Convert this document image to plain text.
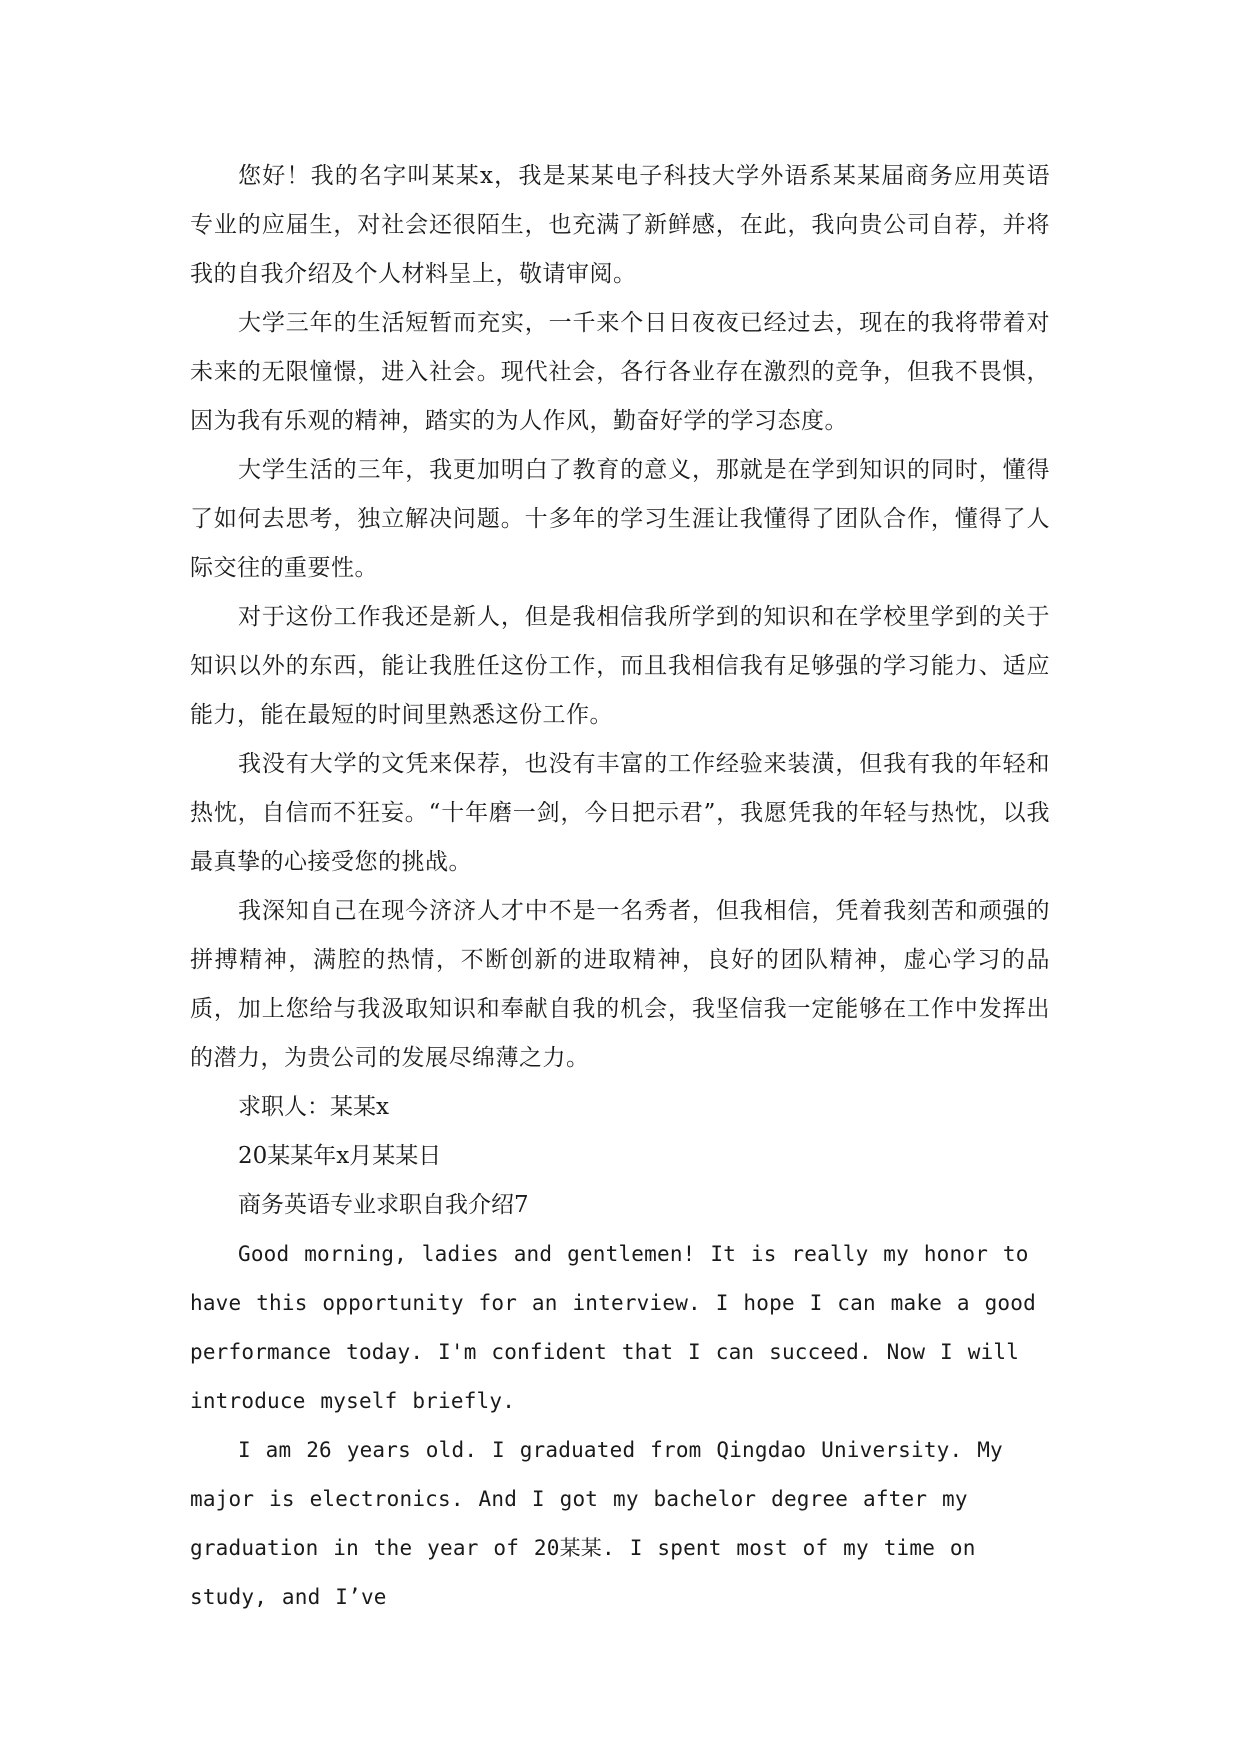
您好！我的名字叫某某x，我是某某电子科技大学外语系某某届商务应用英语专业的应届生，对社会还很陌生，也充满了新鲜感，在此，我向贵公司自荐，并将我的自我介绍及个人材料呈上，敬请审阅。

大学三年的生活短暂而充实，一千来个日日夜夜已经过去，现在的我将带着对未来的无限憧憬，进入社会。现代社会，各行各业存在激烈的竞争，但我不畏惧，因为我有乐观的精神，踏实的为人作风，勤奋好学的学习态度。

大学生活的三年，我更加明白了教育的意义，那就是在学到知识的同时，懂得了如何去思考，独立解决问题。十多年的学习生涯让我懂得了团队合作，懂得了人际交往的重要性。

对于这份工作我还是新人，但是我相信我所学到的知识和在学校里学到的关于知识以外的东西，能让我胜任这份工作，而且我相信我有足够强的学习能力、适应能力，能在最短的时间里熟悉这份工作。

我没有大学的文凭来保荐，也没有丰富的工作经验来装潢，但我有我的年轻和热忱，自信而不狂妄。“十年磨一剑，今日把示君”，我愿凭我的年轻与热忱，以我最真挚的心接受您的挑战。

我深知自己在现今济济人才中不是一名秀者，但我相信，凭着我刻苦和顽强的拼搏精神，满腔的热情，不断创新的进取精神，良好的团队精神，虚心学习的品质，加上您给与我汲取知识和奉献自我的机会，我坚信我一定能够在工作中发挥出的潜力，为贵公司的发展尽绵薄之力。

求职人：某某x

20某某年x月某某日

商务英语专业求职自我介绍7

Good morning, ladies and gentlemen! It is really my honor to have this opportunity for an interview. I hope I can make a good performance today. I'm confident that I can succeed. Now I will introduce myself briefly.

I am 26 years old. I graduated from Qingdao University. My major is electronics. And I got my bachelor degree after my graduation in the year of 20某某. I spent most of my time on study, and I’ve
